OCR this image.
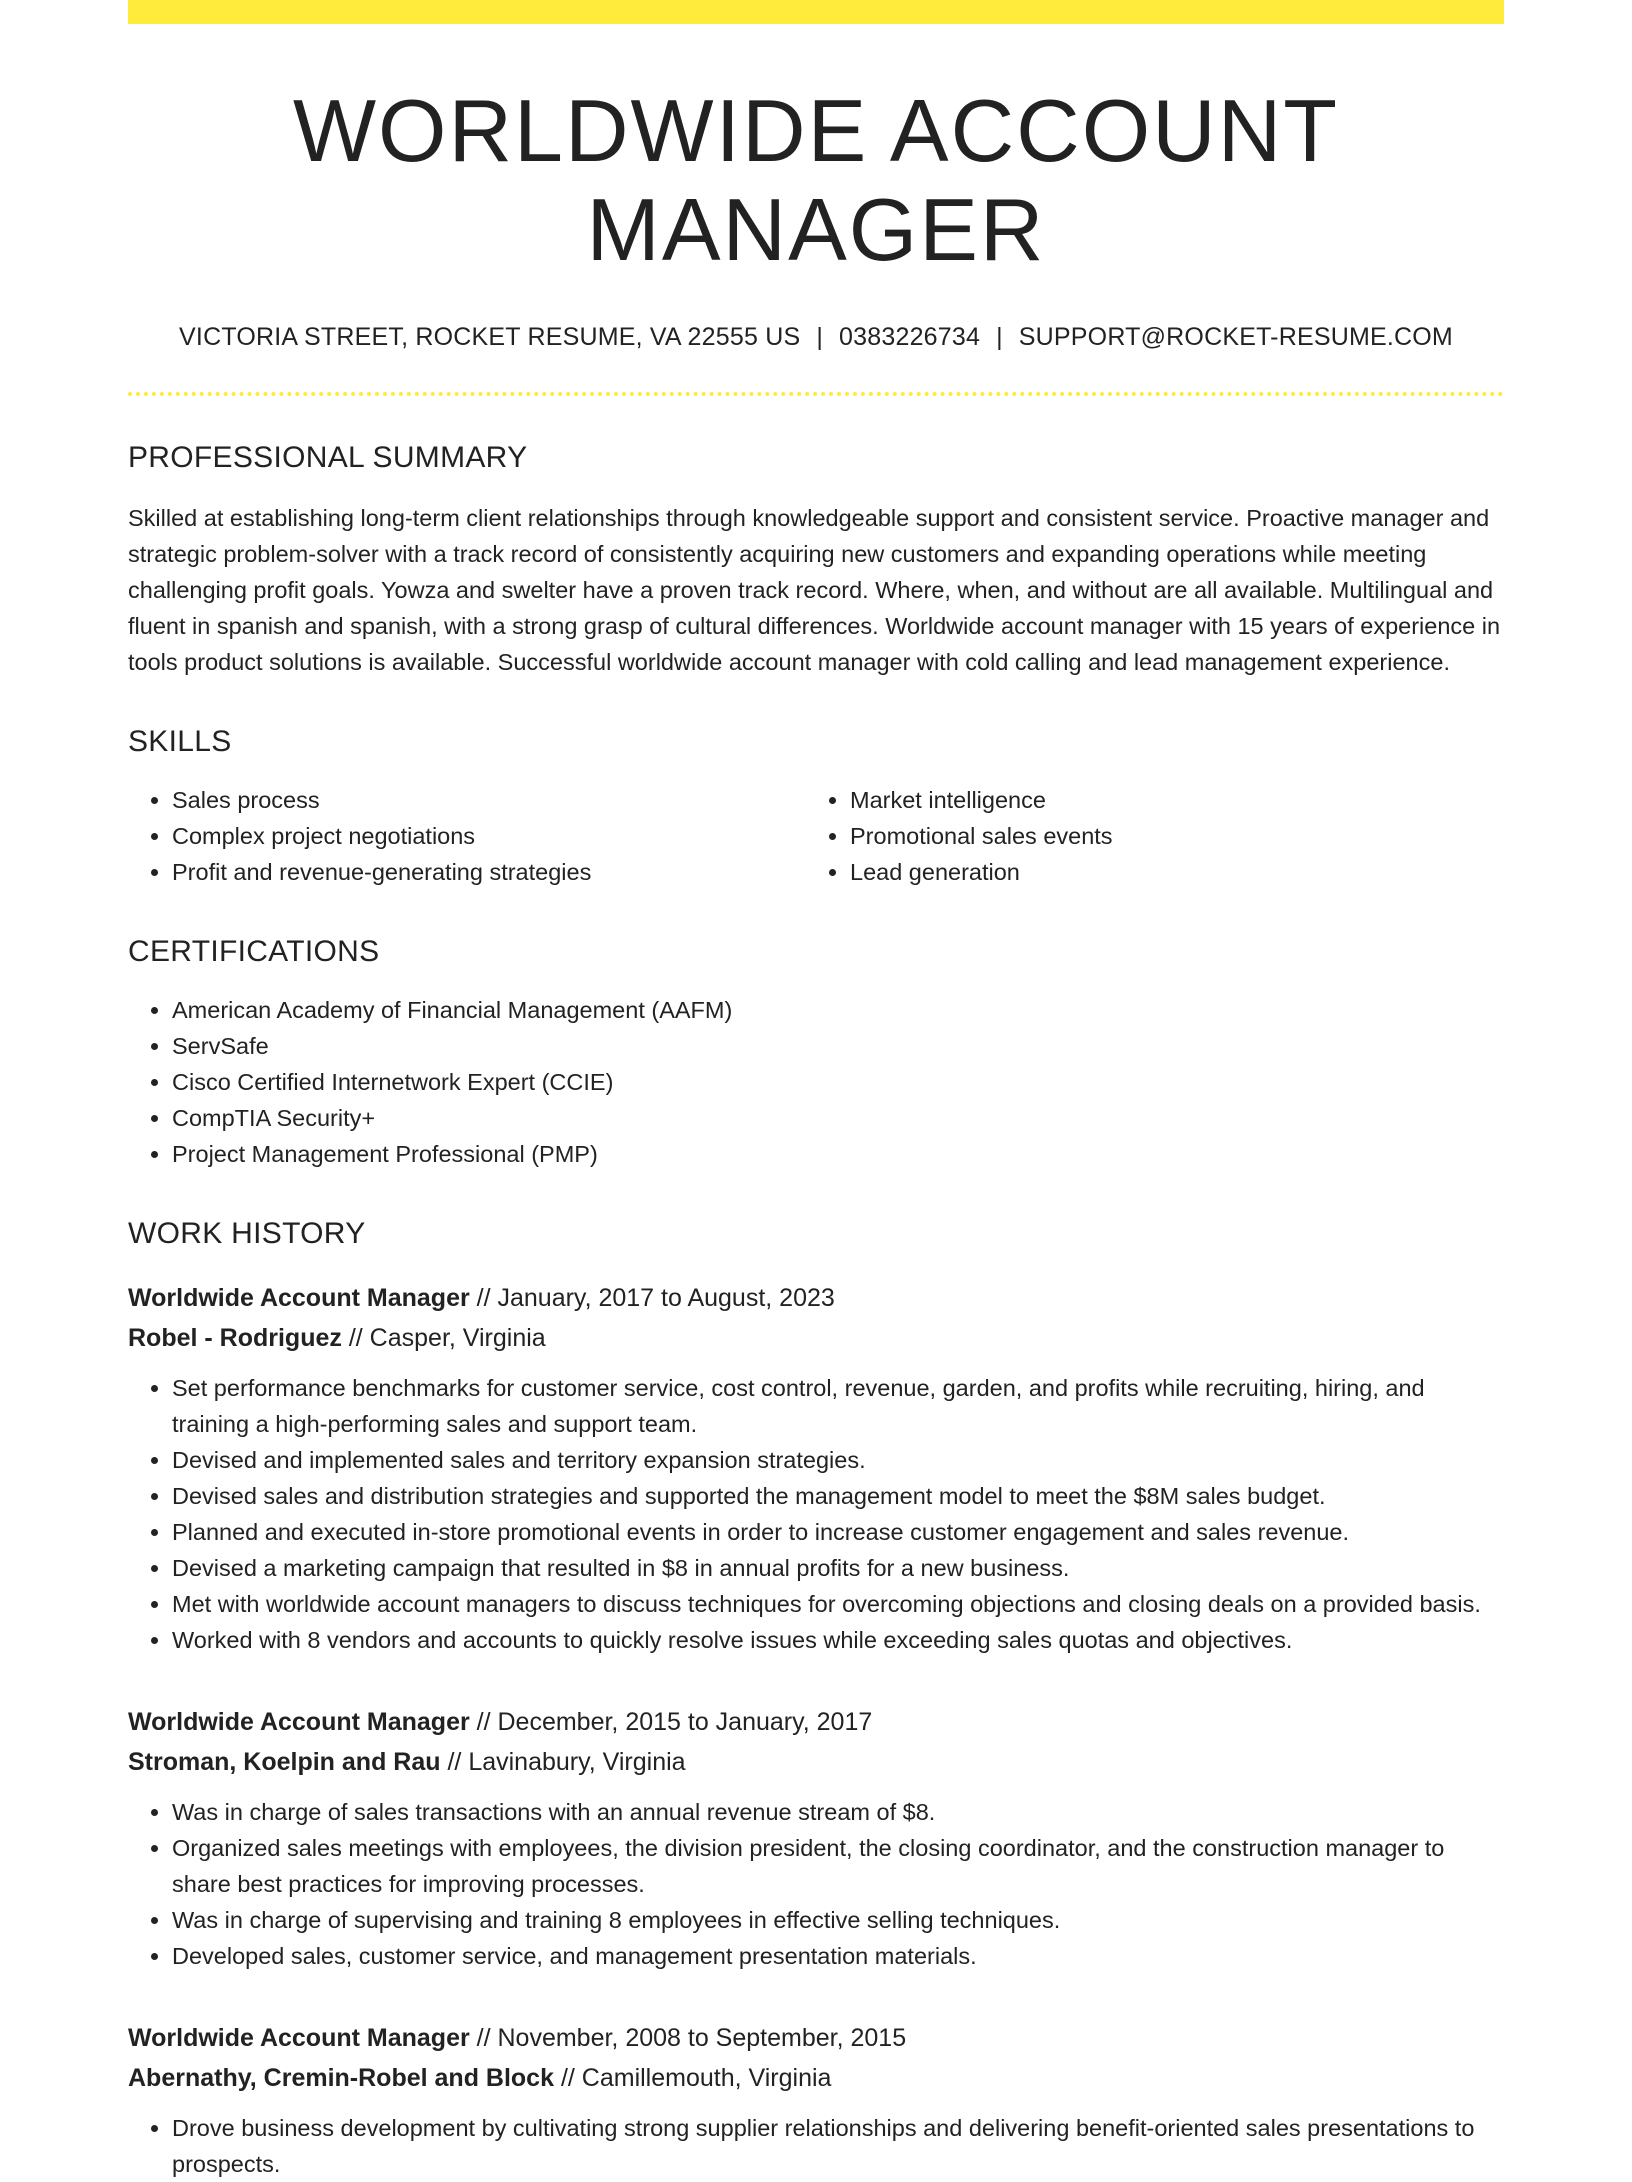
WORLDWIDE ACCOUNT MANAGER
VICTORIA STREET, ROCKET RESUME, VA 22555 US | 0383226734 | SUPPORT@ROCKET-RESUME.COM
PROFESSIONAL SUMMARY
Skilled at establishing long-term client relationships through knowledgeable support and consistent service. Proactive manager and strategic problem-solver with a track record of consistently acquiring new customers and expanding operations while meeting challenging profit goals. Yowza and swelter have a proven track record. Where, when, and without are all available. Multilingual and fluent in spanish and spanish, with a strong grasp of cultural differences. Worldwide account manager with 15 years of experience in tools product solutions is available. Successful worldwide account manager with cold calling and lead management experience.
SKILLS
• Sales process
• Complex project negotiations
• Profit and revenue-generating strategies
• Market intelligence
• Promotional sales events
• Lead generation
CERTIFICATIONS
• American Academy of Financial Management (AAFM)
• ServSafe
• Cisco Certified Internetwork Expert (CCIE)
• CompTIA Security+
• Project Management Professional (PMP)
WORK HISTORY
Worldwide Account Manager // January, 2017 to August, 2023
Robel - Rodriguez // Casper, Virginia
• Set performance benchmarks for customer service, cost control, revenue, garden, and profits while recruiting, hiring, and training a high-performing sales and support team.
• Devised and implemented sales and territory expansion strategies.
• Devised sales and distribution strategies and supported the management model to meet the $8M sales budget.
• Planned and executed in-store promotional events in order to increase customer engagement and sales revenue.
• Devised a marketing campaign that resulted in $8 in annual profits for a new business.
• Met with worldwide account managers to discuss techniques for overcoming objections and closing deals on a provided basis.
• Worked with 8 vendors and accounts to quickly resolve issues while exceeding sales quotas and objectives.
Worldwide Account Manager // December, 2015 to January, 2017
Stroman, Koelpin and Rau // Lavinabury, Virginia
• Was in charge of sales transactions with an annual revenue stream of $8.
• Organized sales meetings with employees, the division president, the closing coordinator, and the construction manager to share best practices for improving processes.
• Was in charge of supervising and training 8 employees in effective selling techniques.
• Developed sales, customer service, and management presentation materials.
Worldwide Account Manager // November, 2008 to September, 2015
Abernathy, Cremin-Robel and Block // Camillemouth, Virginia
• Drove business development by cultivating strong supplier relationships and delivering benefit-oriented sales presentations to prospects.
